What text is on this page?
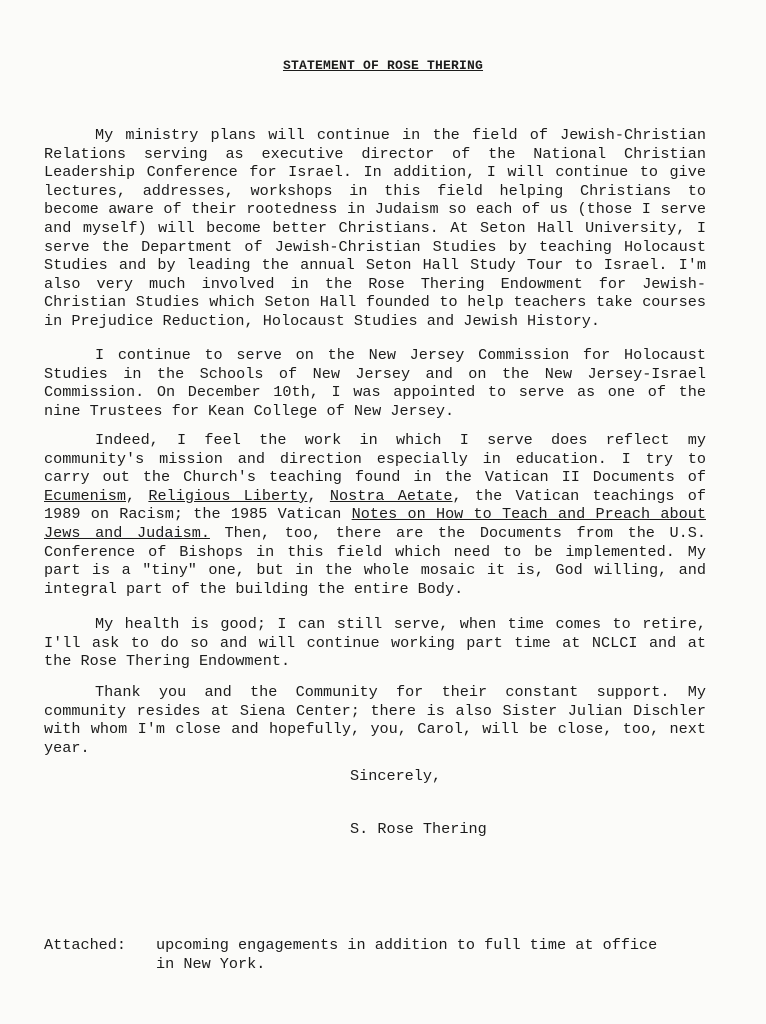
STATEMENT OF ROSE THERING

My ministry plans will continue in the field of Jewish-Christian Relations serving as executive director of the National Christian Leadership Conference for Israel. In addition, I will continue to give lectures, addresses, workshops in this field helping Christians to become aware of their rootedness in Judaism so each of us (those I serve and myself) will become better Christians. At Seton Hall University, I serve the Department of Jewish-Christian Studies by teaching Holocaust Studies and by leading the annual Seton Hall Study Tour to Israel. I'm also very much involved in the Rose Thering Endowment for Jewish-Christian Studies which Seton Hall founded to help teachers take courses in Prejudice Reduction, Holocaust Studies and Jewish History.

I continue to serve on the New Jersey Commission for Holocaust Studies in the Schools of New Jersey and on the New Jersey-Israel Commission. On December 10th, I was appointed to serve as one of the nine Trustees for Kean College of New Jersey.

Indeed, I feel the work in which I serve does reflect my community's mission and direction especially in education. I try to carry out the Church's teaching found in the Vatican II Documents of Ecumenism, Religious Liberty, Nostra Aetate, the Vatican teachings of 1989 on Racism; the 1985 Vatican Notes on How to Teach and Preach about Jews and Judaism. Then, too, there are the Documents from the U.S. Conference of Bishops in this field which need to be implemented. My part is a "tiny" one, but in the whole mosaic it is, God willing, and integral part of the building the entire Body.

My health is good; I can still serve, when time comes to retire, I'll ask to do so and will continue working part time at NCLCI and at the Rose Thering Endowment.

Thank you and the Community for their constant support. My community resides at Siena Center; there is also Sister Julian Dischler with whom I'm close and hopefully, you, Carol, will be close, too, next year.

Sincerely,
S. Rose Thering
Attached: upcoming engagements in addition to full time at office
in New York.
